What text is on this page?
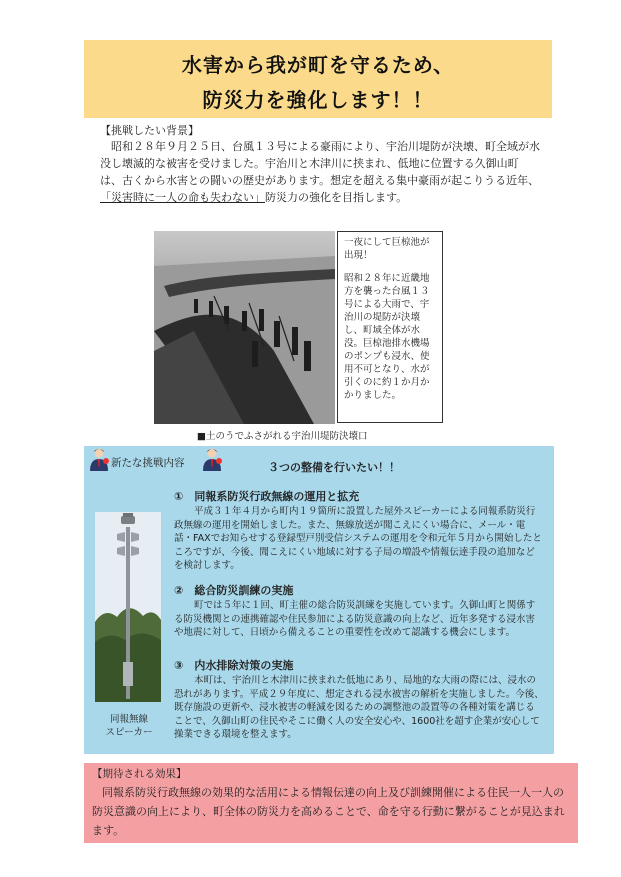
水害から我が町を守るため、
防災力を強化します！！
【挑戦したい背景】

昭和２８年９月２５日、台風１３号による豪雨により、宇治川堤防が決壊、町全域が水没し壊滅的な被害を受けました。宇治川と木津川に挟まれ、低地に位置する久御山町は、古くから水害との闘いの歴史があります。想定を超える集中豪雨が起こりうる近年、「災害時に一人の命も失わない」防災力の強化を目指します。

一夜にして巨椋池が出現！
昭和２８年に近畿地方を襲った台風１３号による大雨で、宇治川の堤防が決壊し、町域全体が水没。巨椋池排水機場のポンプも浸水、使用不可となり、水が引くのに約１か月かかりました。
■土のうでふさがれる宇治川堤防決壊口
新たな挑戦内容	３つの整備を行いたい！！
同報無線
スピーカー
①　同報系防災行政無線の運用と拡充

平成３１年４月から町内１９箇所に設置した屋外スピーカーによる同報系防災行政無線の運用を開始しました。また、無線放送が聞こえにくい場合に、メール・電話・FAXでお知らせする登録型戸別受信システムの運用を令和元年５月から開始したところですが、今後、聞こえにくい地域に対する子局の増設や情報伝達手段の追加などを検討します。

②　総合防災訓練の実施

町では５年に１回、町主催の総合防災訓練を実施しています。久御山町と関係する防災機関との連携確認や住民参加による防災意識の向上など、近年多発する浸水害や地震に対して、日頃から備えることの重要性を改めて認識する機会にします。

③　内水排除対策の実施

本町は、宇治川と木津川に挟まれた低地にあり、局地的な大雨の際には、浸水の恐れがあります。平成２９年度に、想定される浸水被害の解析を実施しました。今後、既存施設の更新や、浸水被害の軽減を図るための調整池の設置等の各種対策を講じることで、久御山町の住民やそこに働く人の安全安心や、1600社を超す企業が安心して操業できる環境を整えます。

【期待される効果】

同報系防災行政無線の効果的な活用による情報伝達の向上及び訓練開催による住民一人一人の防災意識の向上により、町全体の防災力を高めることで、命を守る行動に繋がることが見込まれます。
